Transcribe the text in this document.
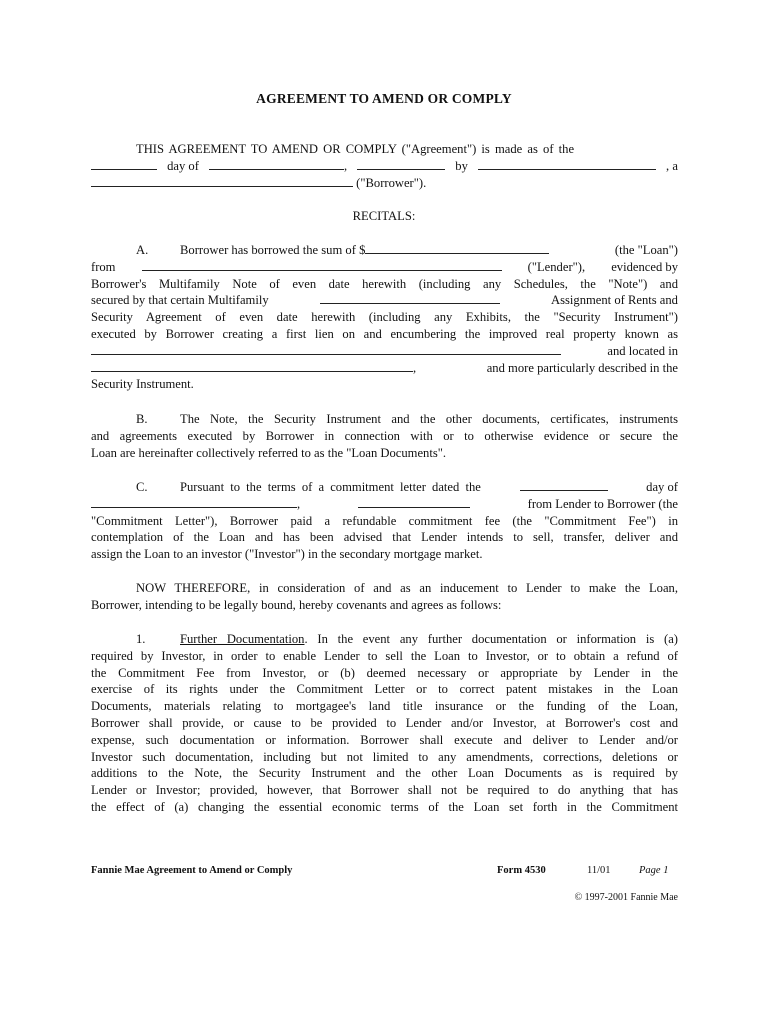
AGREEMENT TO AMEND OR COMPLY
THIS AGREEMENT TO AMEND OR COMPLY ("Agreement") is made as of the
day of	,	by	, a
("Borrower").
RECITALS:
A.	Borrower has borrowed the sum of $	(the "Loan")
from	("Lender"), evidenced by
Borrower's Multifamily Note of even date herewith (including any Schedules, the "Note") and
secured by that certain Multifamily	Assignment of Rents and
Security Agreement of even date herewith (including any Exhibits, the "Security Instrument")
executed by Borrower creating a first lien on and encumbering the improved real property known as
and located in
,	and more particularly described in the
Security Instrument.
B.	The Note, the Security Instrument and the other documents, certificates, instruments
and agreements executed by Borrower in connection with or to otherwise evidence or secure the
Loan are hereinafter collectively referred to as the "Loan Documents".
C.	Pursuant to the terms of a commitment letter dated the	day of
,	from Lender to Borrower (the
"Commitment Letter"), Borrower paid a refundable commitment fee (the "Commitment Fee") in
contemplation of the Loan and has been advised that Lender intends to sell, transfer, deliver and
assign the Loan to an investor ("Investor") in the secondary mortgage market.
NOW THEREFORE, in consideration of and as an inducement to Lender to make the Loan,
Borrower, intending to be legally bound, hereby covenants and agrees as follows:
1.	Further Documentation. In the event any further documentation or information is (a)
required by Investor, in order to enable Lender to sell the Loan to Investor, or to obtain a refund of
the Commitment Fee from Investor, or (b) deemed necessary or appropriate by Lender in the
exercise of its rights under the Commitment Letter or to correct patent mistakes in the Loan
Documents, materials relating to mortgagee's land title insurance or the funding of the Loan,
Borrower shall provide, or cause to be provided to Lender and/or Investor, at Borrower's cost and
expense, such documentation or information. Borrower shall execute and deliver to Lender and/or
Investor such documentation, including but not limited to any amendments, corrections, deletions or
additions to the Note, the Security Instrument and the other Loan Documents as is required by
Lender or Investor; provided, however, that Borrower shall not be required to do anything that has
the effect of (a) changing the essential economic terms of the Loan set forth in the Commitment
Fannie Mae Agreement to Amend or Comply	Form 4530	11/01	Page 1
© 1997-2001 Fannie Mae
